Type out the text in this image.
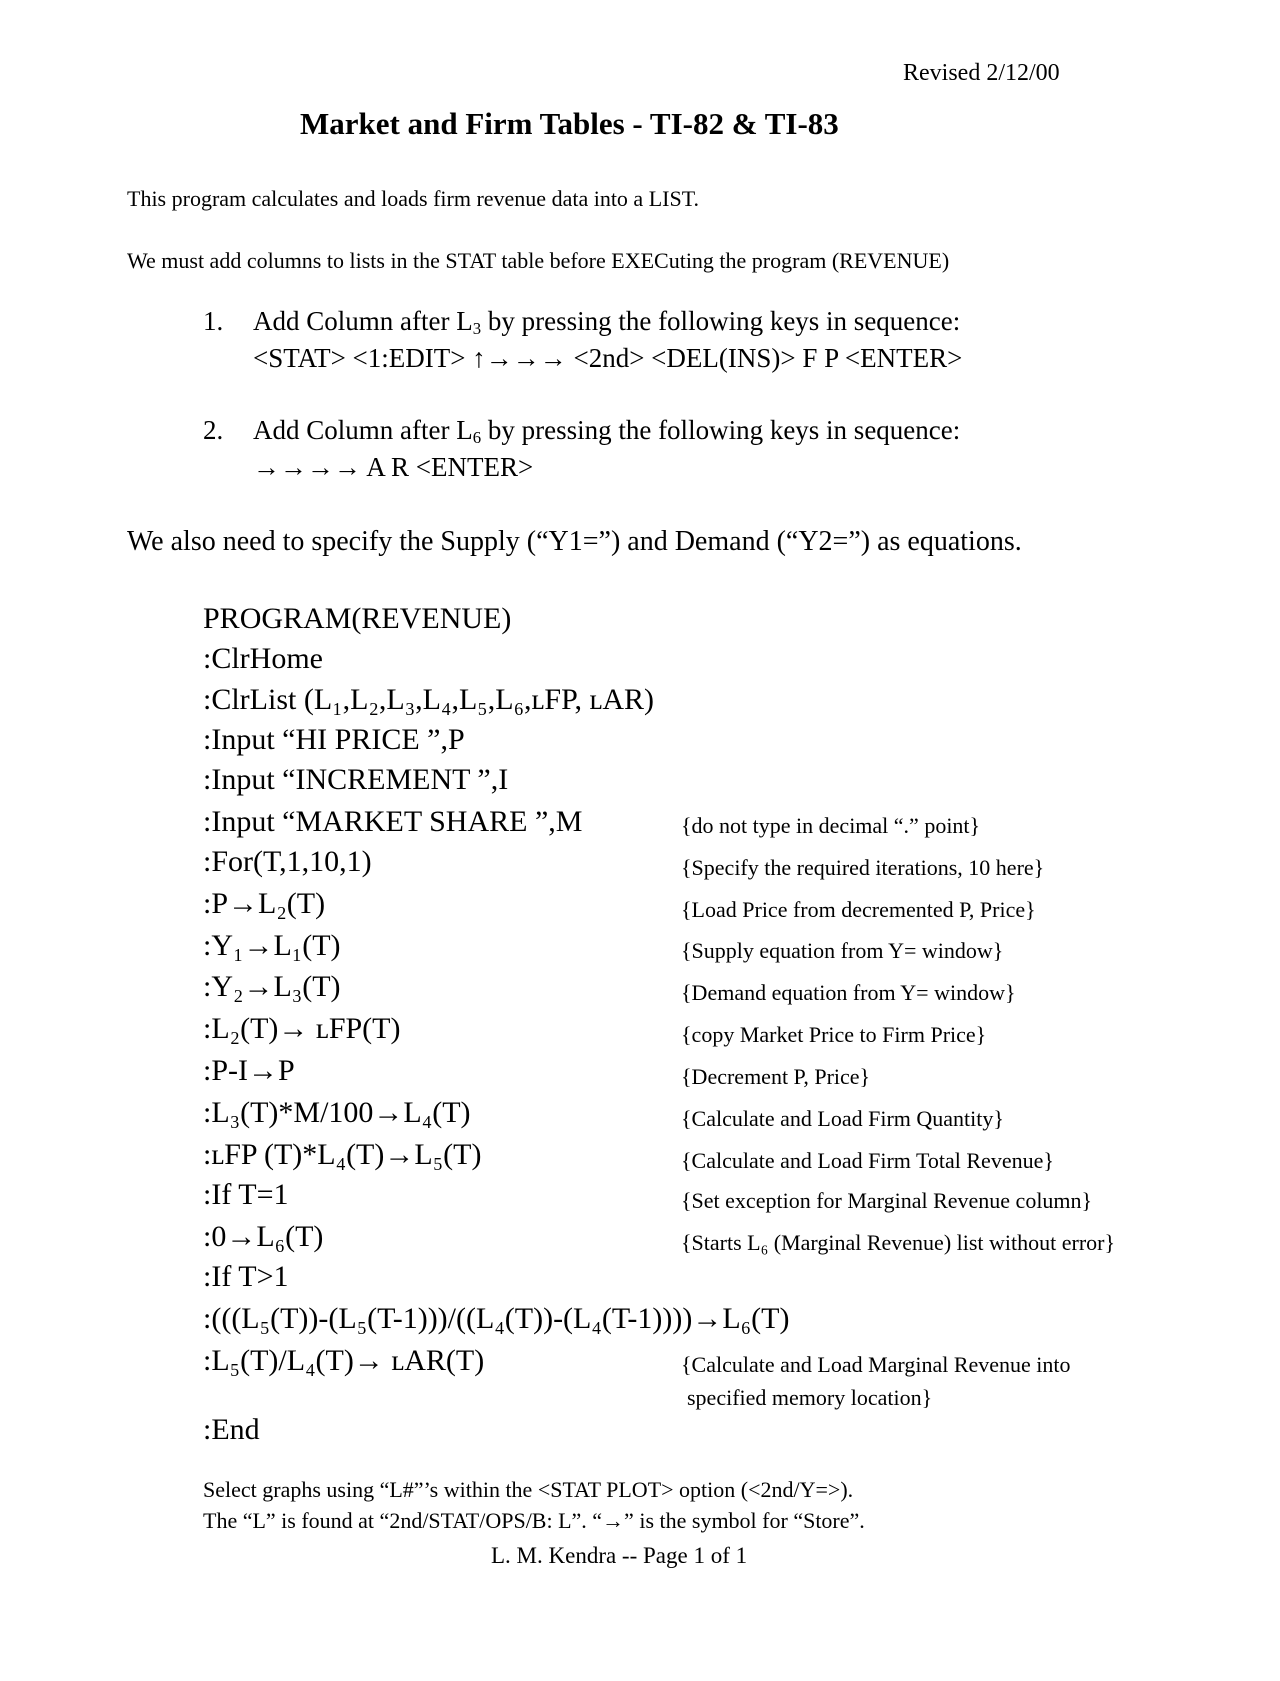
Revised 2/12/00
Market and Firm Tables - TI-82 & TI-83
This program calculates and loads firm revenue data into a LIST.
We must add columns to lists in the STAT table before EXECuting the program (REVENUE)
1. Add Column after $L_3$ by pressing the following keys in sequence:
<STAT> <1:EDIT> ↑→→→ <2nd> <DEL(INS)> F P <ENTER>
2. Add Column after $L_6$ by pressing the following keys in sequence:
→→→→ A R <ENTER>
We also need to specify the Supply (“Y1=”) and Demand (“Y2=”) as equations.
PROGRAM(REVENUE)
:ClrHome
:ClrList (L₁,L₂,L₃,L₄,L₅,L₆,ʟFP, ʟAR)
:Input “HI PRICE ”,P
:Input “INCREMENT ”,I
:Input “MARKET SHARE ”,M
:For(T,1,10,1)
:P→L₂(T)
:Y₁→L₁(T)
:Y₂→L₃(T)
:L₂(T)→ ʟFP(T)
:P-I→P
:L₃(T)*M/100→L₄(T)
:ʟFP (T)*L₄(T)→L₅(T)
:If T=1
:0→L₆(T)
:If T>1
:(((L₅(T))-(L₅(T-1)))/((L₄(T))-(L₄(T-1))))→L₆(T)
:L₅(T)/L₄(T)→ ʟAR(T)
:End
{do not type in decimal “.” point}
{Specify the required iterations, 10 here}
{Load Price from decremented P, Price}
{Supply equation from Y= window}
{Demand equation from Y= window}
{copy Market Price to Firm Price}
{Decrement P, Price}
{Calculate and Load Firm Quantity}
{Calculate and Load Firm Total Revenue}
{Set exception for Marginal Revenue column}
{Starts L₆ (Marginal Revenue) list without error}
{Calculate and Load Marginal Revenue into
specified memory location}
Select graphs using “L#”’s within the <STAT PLOT> option (<2nd/Y=>).
The “L” is found at “2nd/STAT/OPS/B: L”. “→” is the symbol for “Store”.
L. M. Kendra -- Page 1 of 1
